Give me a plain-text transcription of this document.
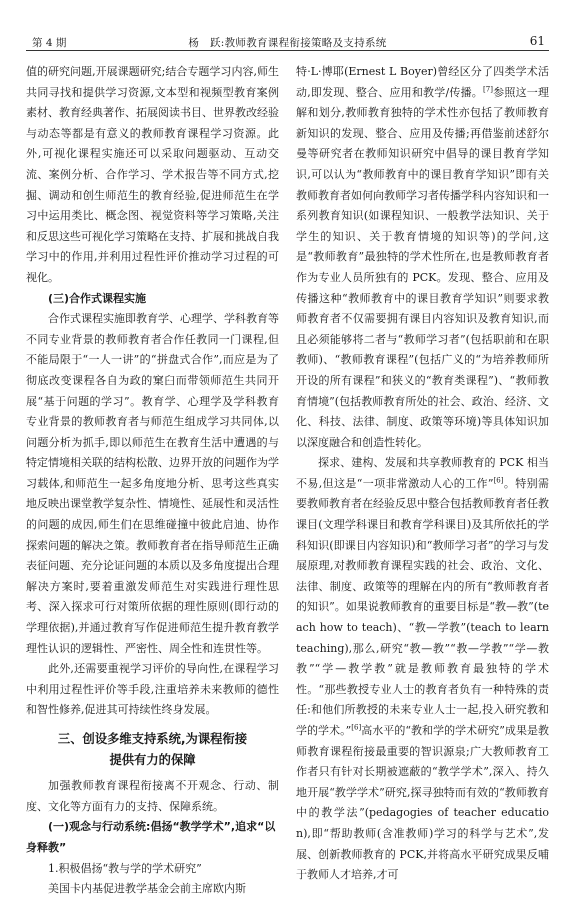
第 4 期	杨　跃:教师教育课程衔接策略及支持系统	61

值的研究问题,开展课题研究;结合专题学习内容,师生共同寻找和提供学习资源,文本型和视频型教育案例素材、教育经典著作、拓展阅读书目、世界教改经验与动态等都是有意义的教师教育课程学习资源。此外,可视化课程实施还可以采取问题驱动、互动交流、案例分析、合作学习、学术报告等不同方式,挖掘、调动和创生师范生的教育经验,促进师范生在学习中运用类比、概念图、视觉资料等学习策略,关注和反思这些可视化学习策略在支持、扩展和挑战自我学习中的作用,并利用过程性评价推动学习过程的可视化。

(三)合作式课程实施

合作式课程实施即教育学、心理学、学科教育等不同专业背景的教师教育者合作任教同一门课程,但不能局限于“一人一讲”的“拼盘式合作”,而应是为了彻底改变课程各自为政的窠臼而带领师范生共同开展“基于问题的学习”。教育学、心理学及学科教育专业背景的教师教育者与师范生组成学习共同体,以问题分析为抓手,即以师范生在教育生活中遭遇的与特定情境相关联的结构松散、边界开放的问题作为学习载体,和师范生一起多角度地分析、思考这些真实地反映出课堂教学复杂性、情境性、延展性和灵活性的问题的成因,师生们在思维碰撞中彼此启迪、协作探索问题的解决之策。教师教育者在指导师范生正确表征问题、充分论证问题的本质以及多角度提出合理解决方案时,要着重激发师范生对实践进行理性思考、深入探求可行对策所依据的理性原则(即行动的学理依据),并通过教育写作促进师范生提升教育教学理性认识的逻辑性、严密性、周全性和连贯性等。

此外,还需要重视学习评价的导向性,在课程学习中利用过程性评价等手段,注重培养未来教师的德性和智性修养,促进其可持续性终身发展。

三、创设多维支持系统,为课程衔接
提供有力的保障

加强教师教育课程衔接离不开观念、行动、制度、文化等方面有力的支持、保障系统。

(一)观念与行动系统:倡扬“教学学术”,追求“以身释教”

1.积极倡扬“教与学的学术研究”

美国卡内基促进教学基金会前主席欧内斯

特·L·博耶(Ernest L Boyer)曾经区分了四类学术活动,即发现、整合、应用和教学/传播。[7]参照这一理解和划分,教师教育独特的学术性亦包括了教师教育新知识的发现、整合、应用及传播;再借鉴前述舒尔曼等研究者在教师知识研究中倡导的课目教育学知识,可以认为“教师教育中的课目教育学知识”即有关教师教育者如何向教师学习者传播学科内容知识和一系列教育知识(如课程知识、一般教学法知识、关于学生的知识、关于教育情境的知识等)的学问,这是“教师教育”最独特的学术性所在,也是教师教育者作为专业人员所独有的 PCK。发现、整合、应用及传播这种“教师教育中的课目教育学知识”则要求教师教育者不仅需要拥有课目内容知识及教育知识,而且必须能够将二者与“教师学习者”(包括职前和在职教师)、“教师教育课程”(包括广义的“为培养教师所开设的所有课程”和狭义的“教育类课程”)、“教师教育情境”(包括教师教育所处的社会、政治、经济、文化、科技、法律、制度、政策等环境)等具体知识加以深度融合和创造性转化。

探求、建构、发展和共享教师教育的 PCK 相当不易,但这是“一项非常激动人心的工作”[6]。特别需要教师教育者在经验反思中整合包括教师教育者任教课目(文理学科课目和教育学科课目)及其所依托的学科知识(即课目内容知识)和“教师学习者”的学习与发展原理,对教师教育课程实践的社会、政治、文化、法律、制度、政策等的理解在内的所有“教师教育者的知识”。如果说教师教育的重要目标是“教—教”(teach how to teach)、“教—学教”(teach to learn teaching),那么,研究“教—教”“教—学教”“学—教教”“学—教学教”就是教师教育最独特的学术性。“那些教授专业人士的教育者负有一种特殊的责任:和他们所教授的未来专业人士一起,投入研究教和学的学术。”[6]高水平的“教和学的学术研究”成果是教师教育课程衔接最重要的智识源泉;广大教师教育工作者只有针对长期被遮蔽的“教学学术”,深入、持久地开展“教学学术”研究,探寻独特而有效的“教师教育中的教学法”(pedagogies of teacher education),即“帮助教师(含准教师)学习的科学与艺术”,发展、创新教师教育的 PCK,并将高水平研究成果反哺于教师人才培养,才可
